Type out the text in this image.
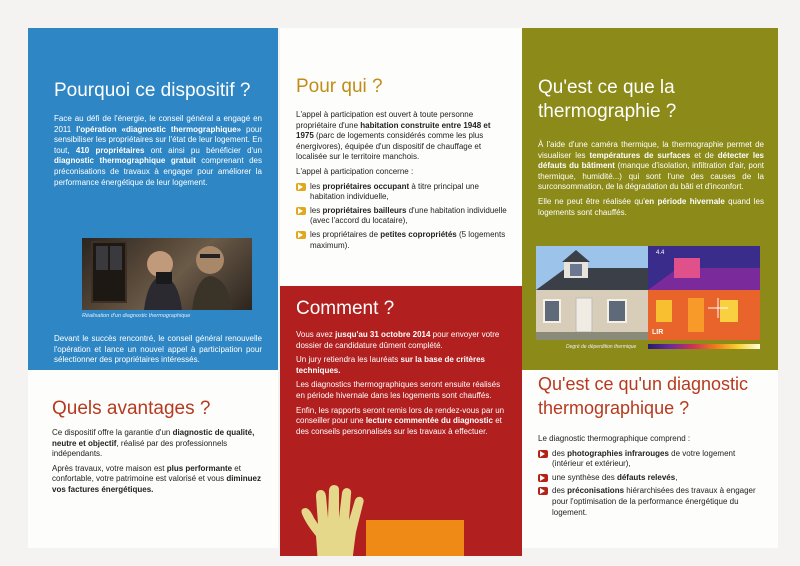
Pourquoi ce dispositif ?

Face au défi de l'énergie, le conseil général a engagé en 2011 l'opération «diagnostic thermographique» pour sensibiliser les propriétaires sur l'état de leur logement. En tout, 410 propriétaires ont ainsi pu bénéficier d'un diagnostic thermographique gratuit comprenant des préconisations de travaux à engager pour améliorer la performance énergétique de leur logement.

Réalisation d'un diagnostic thermographique

Devant le succès rencontré, le conseil général renouvelle l'opération et lance un nouvel appel à participation pour sélectionner des propriétaires intéressés.

Quels avantages ?

Ce dispositif offre la garantie d'un diagnostic de qualité, neutre et objectif, réalisé par des professionnels indépendants.

Après travaux, votre maison est plus performante et confortable, votre patrimoine est valorisé et vous diminuez vos factures énergétiques.

Pour qui ?

L'appel à participation est ouvert à toute personne propriétaire d'une habitation construite entre 1948 et 1975 (parc de logements considérés comme les plus énergivores), équipée d'un dispositif de chauffage et localisée sur le territoire manchois.

L'appel à participation concerne :

les propriétaires occupant à titre principal une habitation individuelle,
les propriétaires bailleurs d'une habitation individuelle (avec l'accord du locataire),
les propriétaires de petites copropriétés (5 logements maximum).
Comment ?

Vous avez jusqu'au 31 octobre 2014 pour envoyer votre dossier de candidature dûment complété.

Un jury retiendra les lauréats sur la base de critères techniques.

Les diagnostics thermographiques seront ensuite réalisés en période hivernale dans les logements sont chauffés.

Enfin, les rapports seront remis lors de rendez-vous par un conseiller pour une lecture commentée du diagnostic et des conseils personnalisés sur les travaux à effectuer.

Qu'est ce que la
thermographie ?

À l'aide d'une caméra thermique, la thermographie permet de visualiser les températures de surfaces et de détecter les défauts du bâtiment (manque d'isolation, infiltration d'air, pont thermique, humidité...) qui sont l'une des causes de la surconsommation, de la dégradation du bâti et d'inconfort.

Elle ne peut être réalisée qu'en période hivernale quand les logements sont chauffés.

4.4
LIR
Degré de déperdition thermique
Qu'est ce qu'un diagnostic
thermographique ?

Le diagnostic thermographique comprend :

des photographies infrarouges de votre logement (intérieur et extérieur),
une synthèse des défauts relevés,
des préconisations hiérarchisées des travaux à engager pour l'optimisation de la performance énergétique du logement.
